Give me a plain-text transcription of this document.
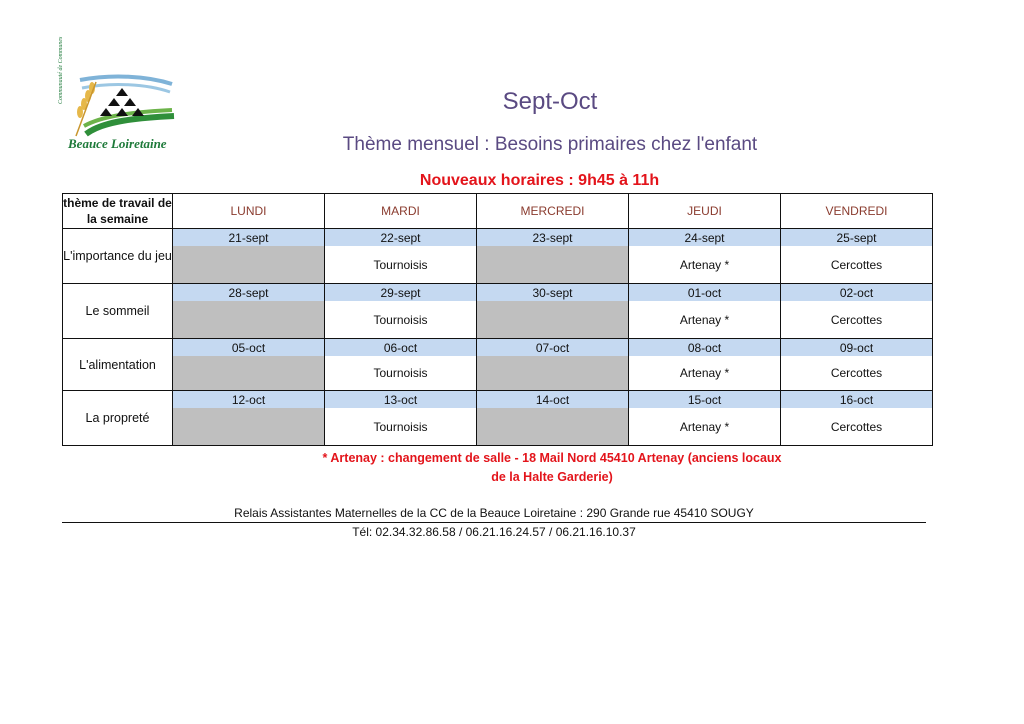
Communauté de Communes
Beauce Loiretaine
Sept-Oct
Thème mensuel : Besoins primaires chez l'enfant
Nouveaux horaires : 9h45 à 11h
thème de travail de la semaine	LUNDI	MARDI	MERCREDI	JEUDI	VENDREDI
L'importance du jeu	21-sept	22-sept	23-sept	24-sept	25-sept
		Tournoisis		Artenay *	Cercottes
Le sommeil	28-sept	29-sept	30-sept	01-oct	02-oct
		Tournoisis		Artenay *	Cercottes
L'alimentation	05-oct	06-oct	07-oct	08-oct	09-oct
		Tournoisis		Artenay *	Cercottes
La propreté	12-oct	13-oct	14-oct	15-oct	16-oct
		Tournoisis		Artenay *	Cercottes
* Artenay : changement de salle - 18 Mail Nord 45410 Artenay (anciens locaux de la Halte Garderie)
Relais Assistantes Maternelles de la CC de la Beauce Loiretaine : 290 Grande rue 45410 SOUGY
Tél: 02.34.32.86.58 / 06.21.16.24.57 / 06.21.16.10.37
